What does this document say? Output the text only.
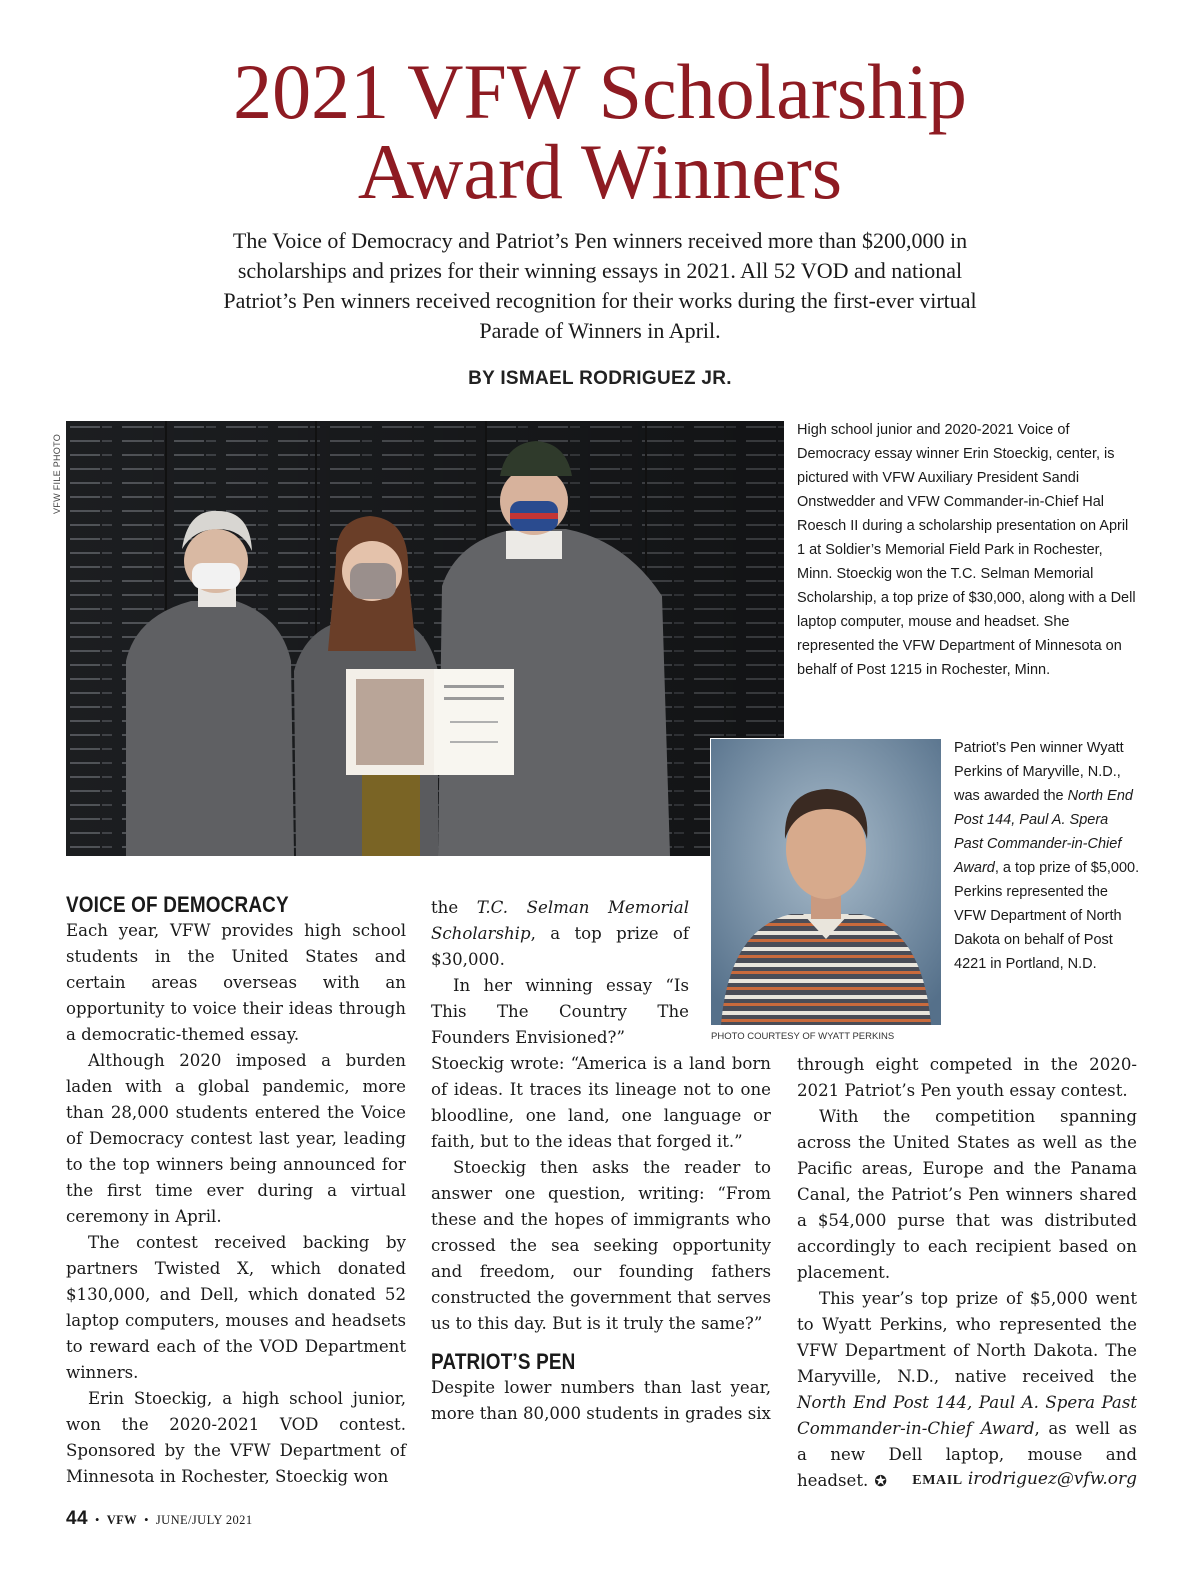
2021 VFW Scholarship
Award Winners

The Voice of Democracy and Patriot’s Pen winners received more than $200,000 in scholarships and prizes for their winning essays in 2021. All 52 VOD and national Patriot’s Pen winners received recognition for their works during the first-ever virtual Parade of Winners in April.

BY ISMAEL RODRIGUEZ JR.

VFW FILE PHOTO

High school junior and 2020-2021 Voice of Democracy essay winner Erin Stoeckig, center, is pictured with VFW Auxiliary President Sandi Onstwedder and VFW Commander-in-Chief Hal Roesch II during a scholarship presentation on April 1 at Soldier’s Memorial Field Park in Rochester, Minn. Stoeckig won the T.C. Selman Memorial Scholarship, a top prize of $30,000, along with a Dell laptop computer, mouse and headset. She represented the VFW Department of Minnesota on behalf of Post 1215 in Rochester, Minn.

PHOTO COURTESY OF WYATT PERKINS

Patriot’s Pen winner Wyatt Perkins of Maryville, N.D., was awarded the North End Post 144, Paul A. Spera Past Commander-in-Chief Award, a top prize of $5,000. Perkins represented the VFW Department of North Dakota on behalf of Post 4221 in Portland, N.D.

VOICE OF DEMOCRACY

Each year, VFW provides high school students in the United States and certain areas overseas with an opportunity to voice their ideas through a democratic-themed essay.

Although 2020 imposed a burden laden with a global pandemic, more than 28,000 students entered the Voice of Democracy contest last year, leading to the top winners being announced for the first time ever during a virtual ceremony in April.

The contest received backing by partners Twisted X, which donated $130,000, and Dell, which donated 52 laptop computers, mouses and headsets to reward each of the VOD Department winners.

Erin Stoeckig, a high school junior, won the 2020-2021 VOD contest. Sponsored by the VFW Department of Minnesota in Rochester, Stoeckig won

the T.C. Selman Memorial Scholarship, a top prize of $30,000.

In her winning essay “Is This The Country The Founders Envisioned?”

Stoeckig wrote: “America is a land born of ideas. It traces its lineage not to one bloodline, one land, one language or faith, but to the ideas that forged it.”

Stoeckig then asks the reader to answer one question, writing: “From these and the hopes of immigrants who crossed the sea seeking opportunity and freedom, our founding fathers constructed the government that serves us to this day. But is it truly the same?”

PATRIOT’S PEN

Despite lower numbers than last year, more than 80,000 students in grades six

through eight competed in the 2020-2021 Patriot’s Pen youth essay contest.

With the competition spanning across the United States as well as the Pacific areas, Europe and the Panama Canal, the Patriot’s Pen winners shared a $54,000 purse that was distributed accordingly to each recipient based on placement.

This year’s top prize of $5,000 went to Wyatt Perkins, who represented the VFW Department of North Dakota. The Maryville, N.D., native received the North End Post 144, Paul A. Spera Past Commander-in-Chief Award, as well as a new Dell laptop, mouse and headset. ✪	EMAIL irodriguez@vfw.org
44 • VFW • JUNE/JULY 2021
